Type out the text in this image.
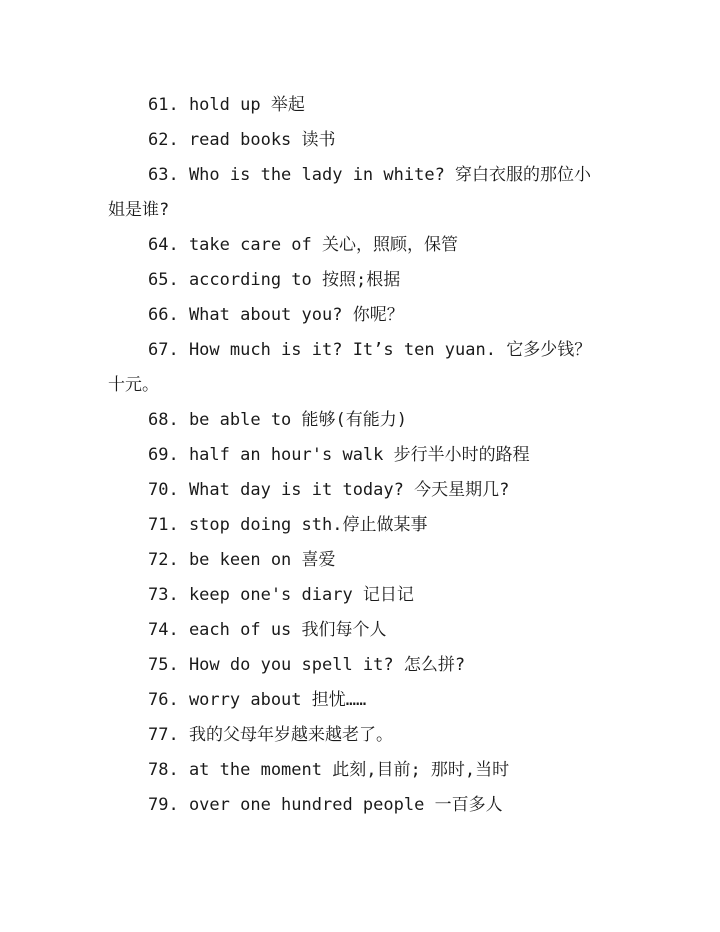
61. hold up 举起

62. read books 读书

63. Who is the lady in white? 穿白衣服的那位小姐是谁?

64. take care of 关心，照顾，保管

65. according to 按照;根据

66. What about you? 你呢？

67. How much is it? It’s ten yuan. 它多少钱？十元。

68. be able to 能够(有能力)

69. half an hour's walk 步行半小时的路程

70. What day is it today? 今天星期几?

71. stop doing sth.停止做某事

72. be keen on 喜爱

73. keep one's diary 记日记

74. each of us 我们每个人

75. How do you spell it? 怎么拼?

76. worry about 担忧……

77. 我的父母年岁越来越老了。

78. at the moment 此刻,目前; 那时,当时

79. over one hundred people 一百多人
